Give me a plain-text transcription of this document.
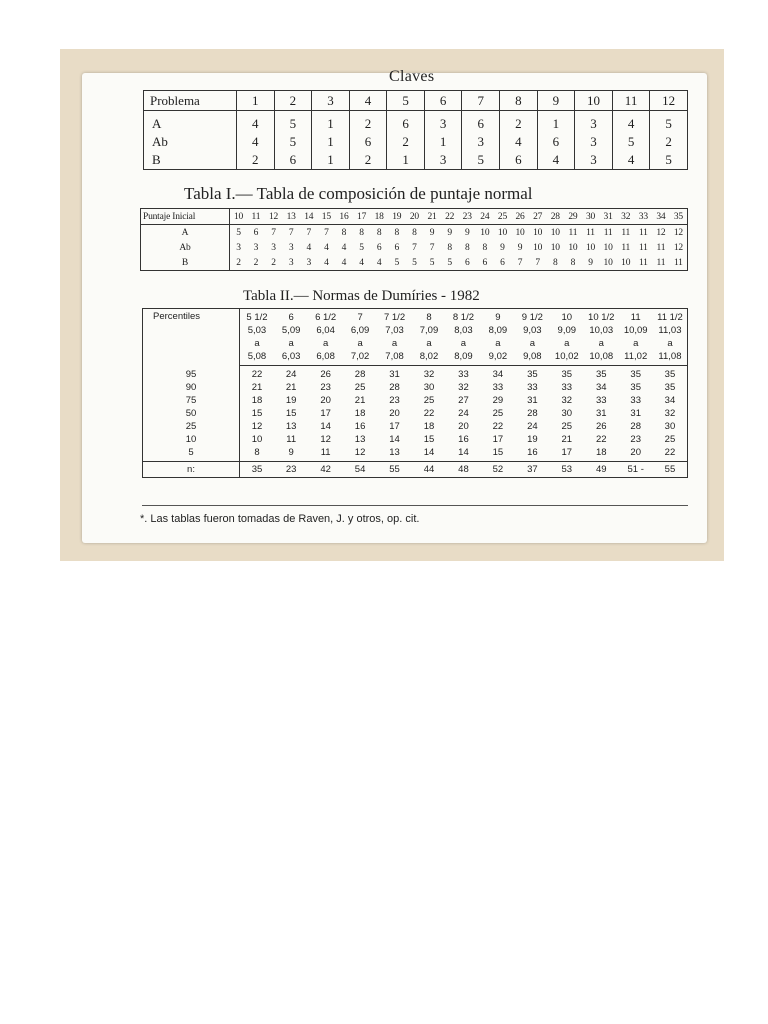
Claves
Problema	1	2	3	4	5	6	7	8	9	10	11	12
A	4	5	1	2	6	3	6	2	1	3	4	5
Ab	4	5	1	6	2	1	3	4	6	3	5	2
B	2	6	1	2	1	3	5	6	4	3	4	5
Tabla I.— Tabla de composición de puntaje normal
Puntaje Inicial	10	11	12	13	14	15	16	17	18	19	20	21	22	23	24	25	26	27	28	29	30	31	32	33	34	35
A	5	6	7	7	7	7	8	8	8	8	8	9	9	9	10	10	10	10	10	11	11	11	11	11	12	12
Ab	3	3	3	3	4	4	4	5	6	6	7	7	8	8	8	9	9	10	10	10	10	10	11	11	11	12
B	2	2	2	3	3	4	4	4	4	5	5	5	5	6	6	6	7	7	8	8	9	10	10	11	11	11
Tabla II.— Normas de Dumíries - 1982
Percentiles	5 1/2	6	6 1/2	7	7 1/2	8	8 1/2	9	9 1/2	10	10 1/2	11	11 1/2
	5,03	5,09	6,04	6,09	7,03	7,09	8,03	8,09	9,03	9,09	10,03	10,09	11,03
	a	a	a	a	a	a	a	a	a	a	a	a	a
	5,08	6,03	6,08	7,02	7,08	8,02	8,09	9,02	9,08	10,02	10,08	11,02	11,08
95	22	24	26	28	31	32	33	34	35	35	35	35	35
90	21	21	23	25	28	30	32	33	33	33	34	35	35
75	18	19	20	21	23	25	27	29	31	32	33	33	34
50	15	15	17	18	20	22	24	25	28	30	31	31	32
25	12	13	14	16	17	18	20	22	24	25	26	28	30
10	10	11	12	13	14	15	16	17	19	21	22	23	25
5	8	9	11	12	13	14	14	15	16	17	18	20	22
n:	35	23	42	54	55	44	48	52	37	53	49	51 -	55
*. Las tablas fueron tomadas de Raven, J. y otros, op. cit.
